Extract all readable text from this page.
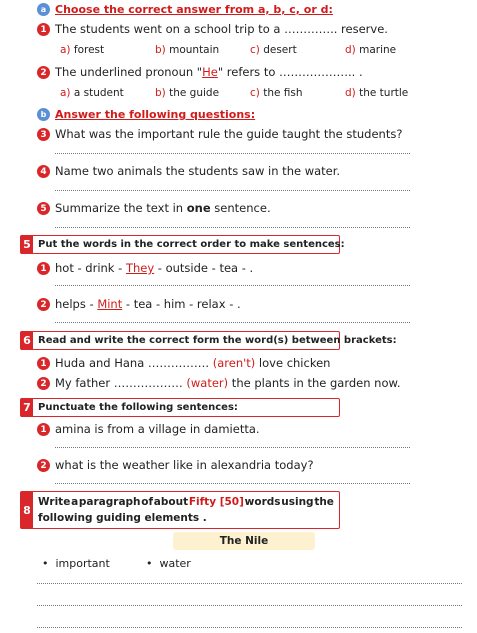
a Choose the correct answer from a, b, c, or d:
1 The students went on a school trip to a ………….. reserve.
a) forest	b) mountain	c) desert	d) marine
2 The underlined pronoun "He" refers to ……………….. .
a) a student	b) the guide	c) the fish	d) the turtle
b Answer the following questions:
3 What was the important rule the guide taught the students?
4 Name two animals the students saw in the water.
5 Summarize the text in one sentence.
5 Put the words in the correct order to make sentences:
1 hot - drink - They - outside - tea - .
2 helps - Mint - tea - him - relax - .
6 Read and write the correct form the word(s) between brackets:
1 Huda and Hana ……………. (aren't) love chicken
2 My father ……………… (water) the plants in the garden now.
7 Punctuate the following sentences:
1 amina is from a village in damietta.
2 what is the weather like in alexandria today?
8
Write a paragraph of about Fifty [50] words using the
following guiding elements .
The Nile
•  important	•  water
